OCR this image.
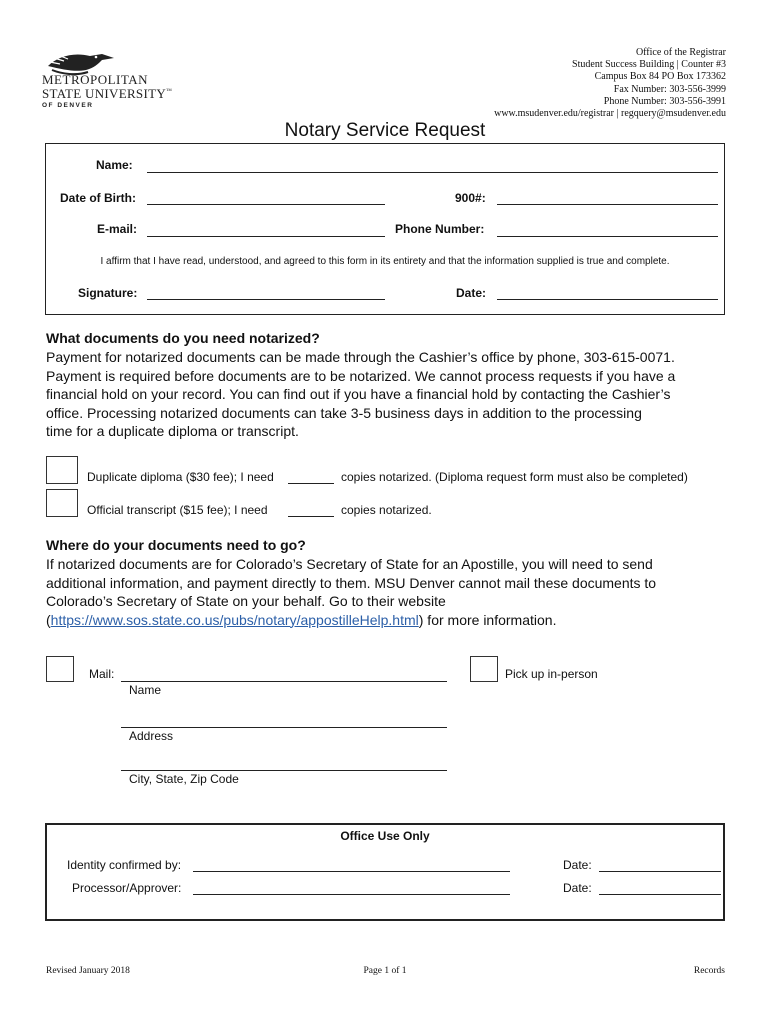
METROPOLITAN
STATE UNIVERSITY™
OF DENVER
Office of the Registrar
Student Success Building | Counter #3
Campus Box 84 PO Box 173362
Fax Number: 303-556-3999
Phone Number: 303-556-3991
www.msudenver.edu/registrar | regquery@msudenver.edu
Notary Service Request
Name:
Date of Birth:	900#:
E-mail:	Phone Number:
I affirm that I have read, understood, and agreed to this form in its entirety and that the information supplied is true and complete.
Signature:	Date:
What documents do you need notarized?
Payment for notarized documents can be made through the Cashier’s office by phone, 303-615-0071.
Payment is required before documents are to be notarized. We cannot process requests if you have a
financial hold on your record. You can find out if you have a financial hold by contacting the Cashier’s
office. Processing notarized documents can take 3-5 business days in addition to the processing
time for a duplicate diploma or transcript.
Duplicate diploma ($30 fee); I need	copies notarized. (Diploma request form must also be completed)
Official transcript ($15 fee); I need	copies notarized.
Where do your documents need to go?
If notarized documents are for Colorado’s Secretary of State for an Apostille, you will need to send
additional information, and payment directly to them. MSU Denver cannot mail these documents to
Colorado’s Secretary of State on your behalf. Go to their website
(https://www.sos.state.co.us/pubs/notary/appostilleHelp.html) for more information.
Mail:
Name
Pick up in-person
Address
City, State, Zip Code
Office Use Only
Identity confirmed by:	Date:
Processor/Approver:	Date:
Revised January 2018	Page 1 of 1	Records
